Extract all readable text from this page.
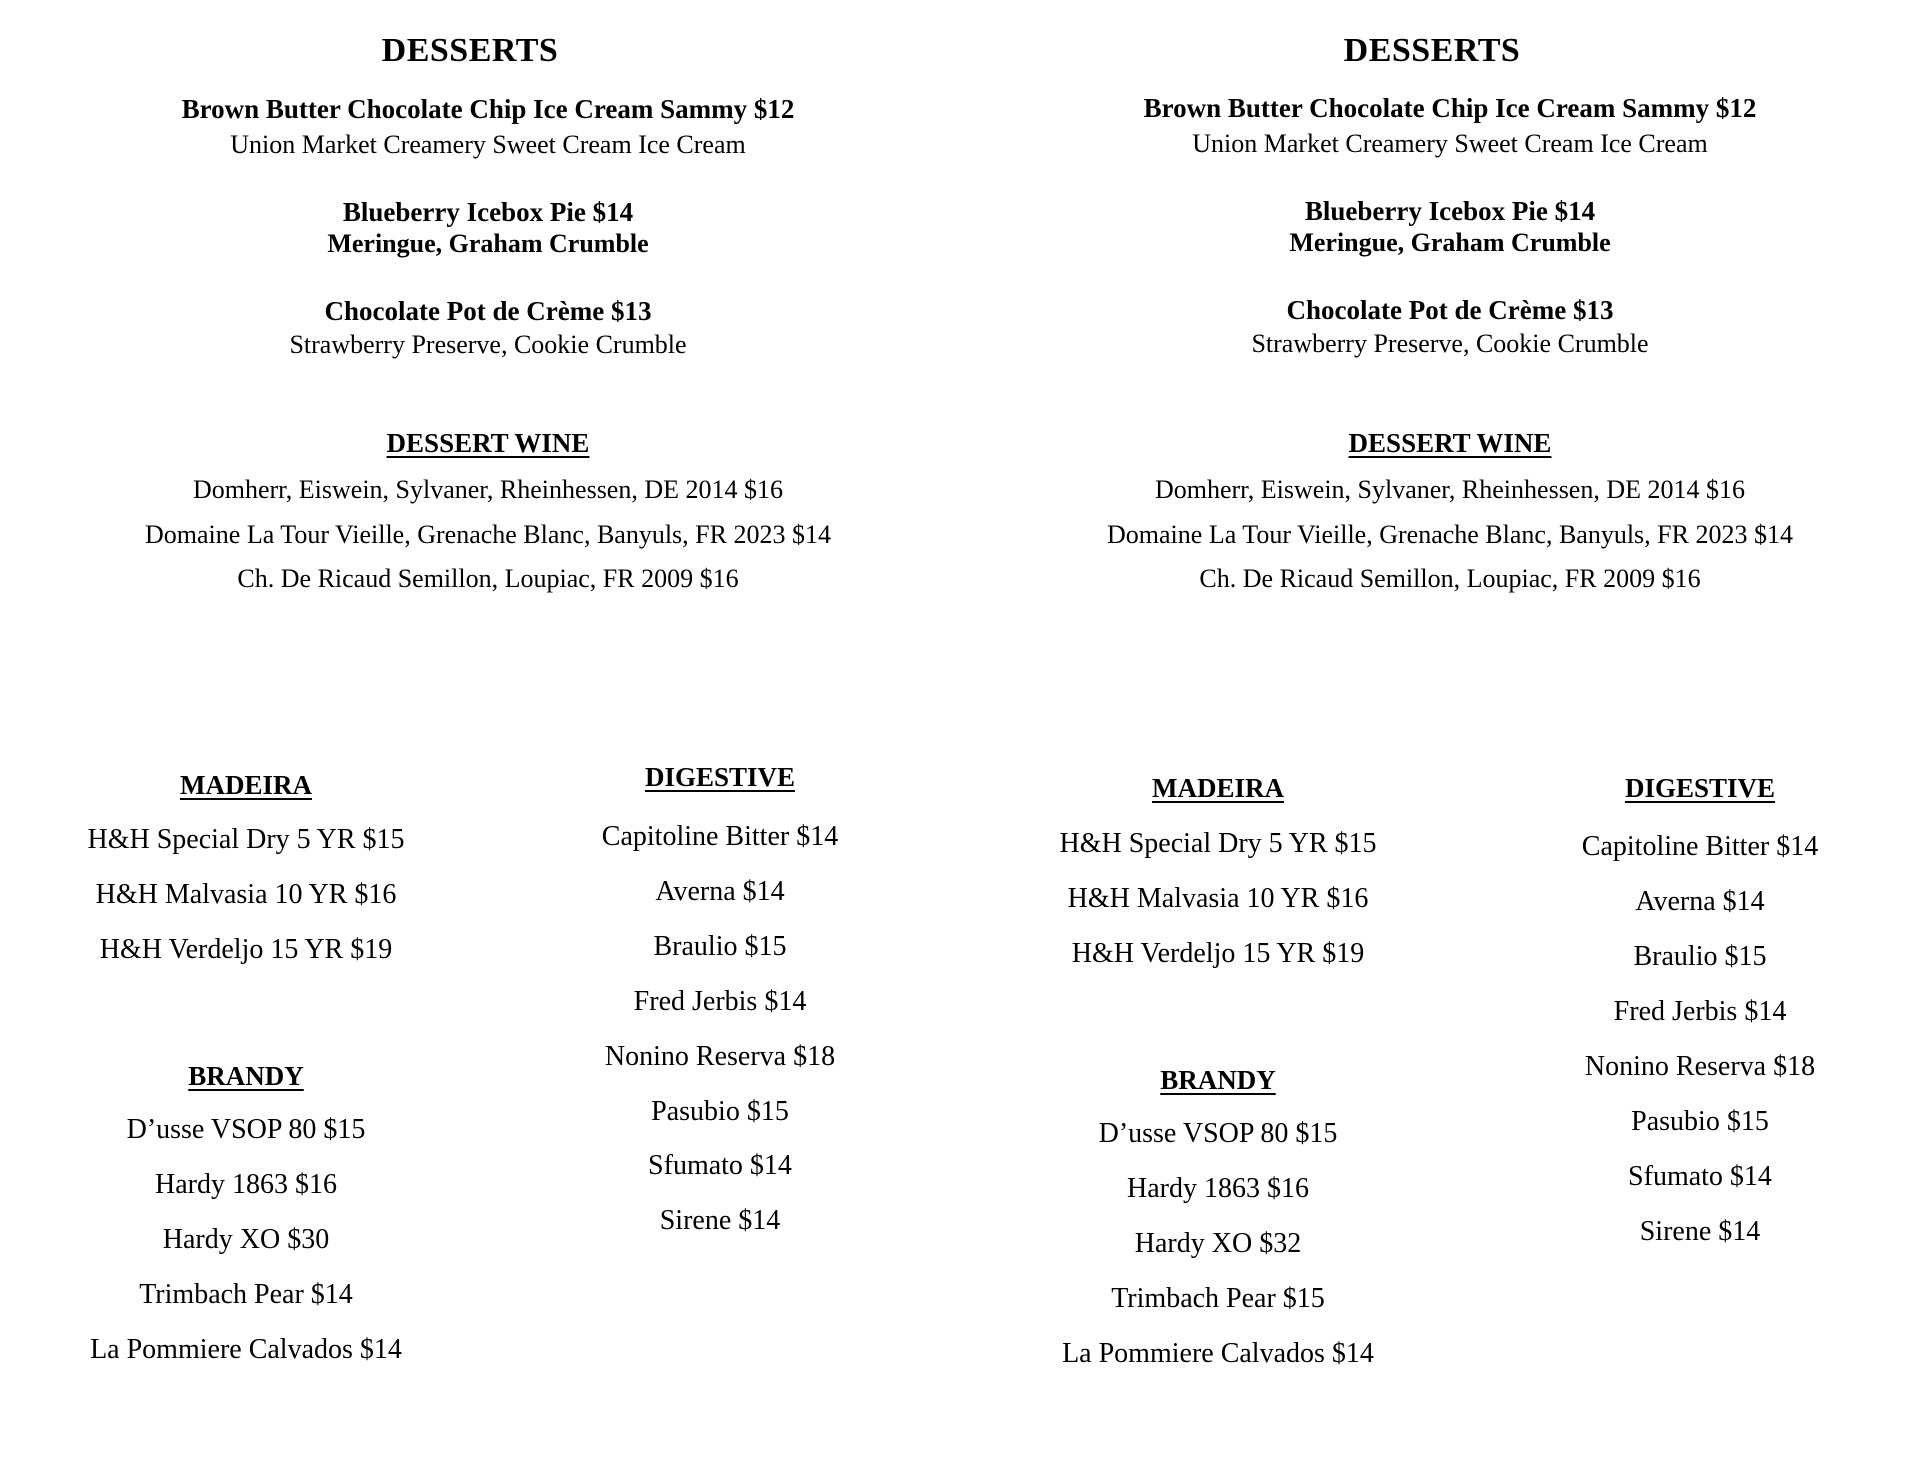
DESSERTS
Brown Butter Chocolate Chip Ice Cream Sammy $12
Union Market Creamery Sweet Cream Ice Cream
Blueberry Icebox Pie $14
Meringue, Graham Crumble
Chocolate Pot de Crème $13
Strawberry Preserve, Cookie Crumble
DESSERT WINE
Domherr, Eiswein, Sylvaner, Rheinhessen, DE 2014 $16
Domaine La Tour Vieille, Grenache Blanc, Banyuls, FR 2023 $14
Ch. De Ricaud Semillon, Loupiac, FR 2009 $16
MADEIRA
H&H Special Dry 5 YR $15
H&H Malvasia 10 YR $16
H&H Verdeljo 15 YR $19
BRANDY
D’usse VSOP 80 $15
Hardy 1863 $16
Hardy XO $30
Trimbach Pear $14
La Pommiere Calvados $14
DIGESTIVE
Capitoline Bitter $14
Averna $14
Braulio $15
Fred Jerbis $14
Nonino Reserva $18
Pasubio $15
Sfumato $14
Sirene $14
DESSERTS
Brown Butter Chocolate Chip Ice Cream Sammy $12
Union Market Creamery Sweet Cream Ice Cream
Blueberry Icebox Pie $14
Meringue, Graham Crumble
Chocolate Pot de Crème $13
Strawberry Preserve, Cookie Crumble
DESSERT WINE
Domherr, Eiswein, Sylvaner, Rheinhessen, DE 2014 $16
Domaine La Tour Vieille, Grenache Blanc, Banyuls, FR 2023 $14
Ch. De Ricaud Semillon, Loupiac, FR 2009 $16
MADEIRA
H&H Special Dry 5 YR $15
H&H Malvasia 10 YR $16
H&H Verdeljo 15 YR $19
BRANDY
D’usse VSOP 80 $15
Hardy 1863 $16
Hardy XO $32
Trimbach Pear $15
La Pommiere Calvados $14
DIGESTIVE
Capitoline Bitter $14
Averna $14
Braulio $15
Fred Jerbis $14
Nonino Reserva $18
Pasubio $15
Sfumato $14
Sirene $14
